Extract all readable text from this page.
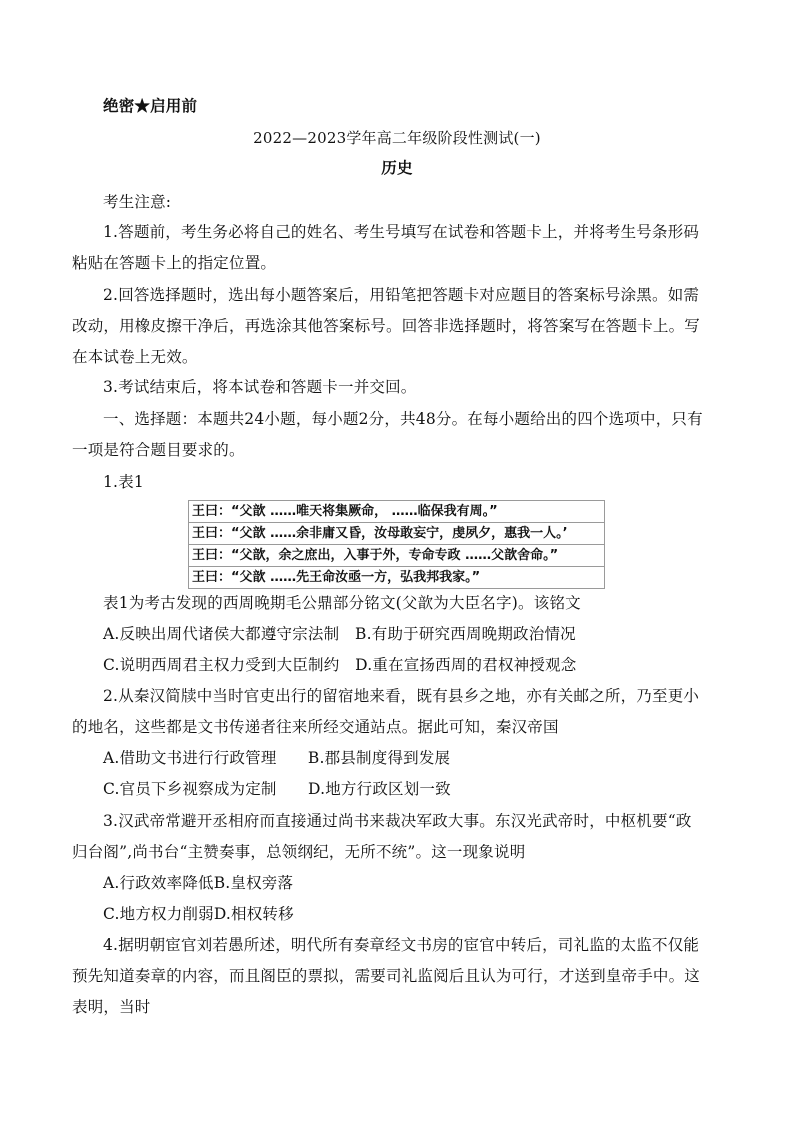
绝密★启用前
2022—2023学年高二年级阶段性测试(一)
历史
考生注意:
1.答题前，考生务必将自己的姓名、考生号填写在试卷和答题卡上，并将考生号条形码
粘贴在答题卡上的指定位置。
2.回答选择题时，选出每小题答案后，用铅笔把答题卡对应题目的答案标号涂黑。如需
改动，用橡皮擦干净后，再选涂其他答案标号。回答非选择题时，将答案写在答题卡上。写
在本试卷上无效。
3.考试结束后，将本试卷和答题卡一并交回。
一、选择题：本题共24小题，每小题2分，共48分。在每小题给出的四个选项中，只有
一项是符合题目要求的。
1.表1
王曰：“父歆 ……唯天将集厥命， ……临保我有周。”
王曰：“父歆 ……余非庸又昏，汝母敢妄宁，虔夙夕，惠我一人。’
王曰：“父歆，余之庶出，入事于外，专命专政 ……父歆舍命。”
王曰：“父歆 ……先王命汝亟一方，弘我邦我家。”
表1为考古发现的西周晚期毛公鼎部分铭文(父歆为大臣名字)。该铭文
A.反映出周代诸侯大都遵守宗法制　B.有助于研究西周晚期政治情况
C.说明西周君主权力受到大臣制约　D.重在宣扬西周的君权神授观念
2.从秦汉简牍中当时官吏出行的留宿地来看，既有县乡之地，亦有关邮之所，乃至更小
的地名，这些都是文书传递者往来所经交通站点。据此可知，秦汉帝国
A.借助文书进行行政管理　　B.郡县制度得到发展
C.官员下乡视察成为定制　　D.地方行政区划一致
3.汉武帝常避开丞相府而直接通过尚书来裁决军政大事。东汉光武帝时，中枢机要“政
归台阁”,尚书台“主赞奏事，总领纲纪，无所不统”。这一现象说明
A.行政效率降低B.皇权旁落
C.地方权力削弱D.相权转移
4.据明朝宦官刘若愚所述，明代所有奏章经文书房的宦官中转后，司礼监的太监不仅能
预先知道奏章的内容，而且阁臣的票拟，需要司礼监阅后且认为可行，才送到皇帝手中。这
表明，当时
